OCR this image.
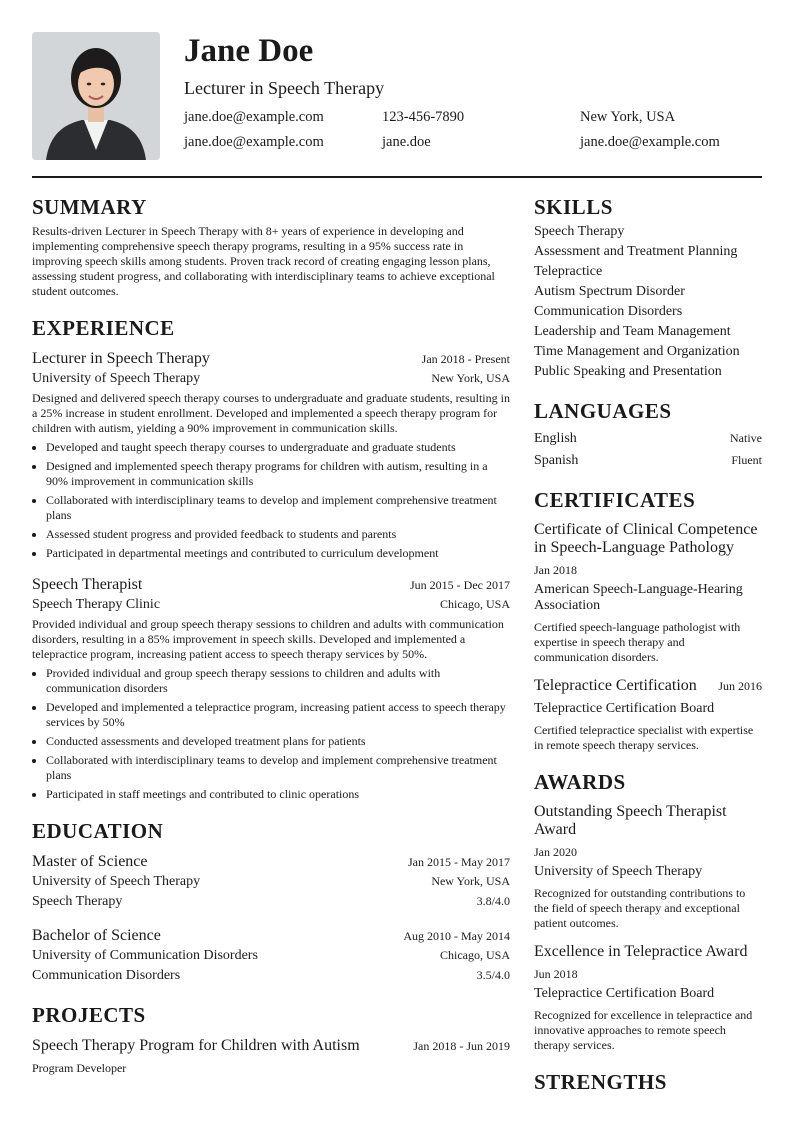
Jane Doe
Lecturer in Speech Therapy
jane.doe@example.com	123-456-7890	New York, USA
jane.doe@example.com	jane.doe	jane.doe@example.com
SUMMARY

Results-driven Lecturer in Speech Therapy with 8+ years of experience in developing and implementing comprehensive speech therapy programs, resulting in a 95% success rate in improving speech skills among students. Proven track record of creating engaging lesson plans, assessing student progress, and collaborating with interdisciplinary teams to achieve exceptional student outcomes.

EXPERIENCE
Lecturer in Speech Therapy	Jan 2018 - Present
University of Speech Therapy	New York, USA

Designed and delivered speech therapy courses to undergraduate and graduate students, resulting in a 25% increase in student enrollment. Developed and implemented a speech therapy program for children with autism, yielding a 90% improvement in communication skills.

• Developed and taught speech therapy courses to undergraduate and graduate students
• Designed and implemented speech therapy programs for children with autism, resulting in a 90% improvement in communication skills
• Collaborated with interdisciplinary teams to develop and implement comprehensive treatment plans
• Assessed student progress and provided feedback to students and parents
• Participated in departmental meetings and contributed to curriculum development
Speech Therapist	Jun 2015 - Dec 2017
Speech Therapy Clinic	Chicago, USA

Provided individual and group speech therapy sessions to children and adults with communication disorders, resulting in a 85% improvement in speech skills. Developed and implemented a telepractice program, increasing patient access to speech therapy services by 50%.

• Provided individual and group speech therapy sessions to children and adults with communication disorders
• Developed and implemented a telepractice program, increasing patient access to speech therapy services by 50%
• Conducted assessments and developed treatment plans for patients
• Collaborated with interdisciplinary teams to develop and implement comprehensive treatment plans
• Participated in staff meetings and contributed to clinic operations
EDUCATION
Master of Science	Jan 2015 - May 2017
University of Speech Therapy	New York, USA
Speech Therapy	3.8/4.0
Bachelor of Science	Aug 2010 - May 2014
University of Communication Disorders	Chicago, USA
Communication Disorders	3.5/4.0
PROJECTS
Speech Therapy Program for Children with Autism	Jan 2018 - Jun 2019
Program Developer
SKILLS
Speech Therapy
Assessment and Treatment Planning
Telepractice
Autism Spectrum Disorder
Communication Disorders
Leadership and Team Management
Time Management and Organization
Public Speaking and Presentation
LANGUAGES
English	Native
Spanish	Fluent
CERTIFICATES
Certificate of Clinical Competence in Speech-Language Pathology
Jan 2018
American Speech-Language-Hearing Association
Certified speech-language pathologist with expertise in speech therapy and communication disorders.
Telepractice Certification Jun 2016
Telepractice Certification Board
Certified telepractice specialist with expertise in remote speech therapy services.
AWARDS
Outstanding Speech Therapist Award
Jan 2020
University of Speech Therapy
Recognized for outstanding contributions to the field of speech therapy and exceptional patient outcomes.
Excellence in Telepractice Award
Jun 2018
Telepractice Certification Board
Recognized for excellence in telepractice and innovative approaches to remote speech therapy services.
STRENGTHS
